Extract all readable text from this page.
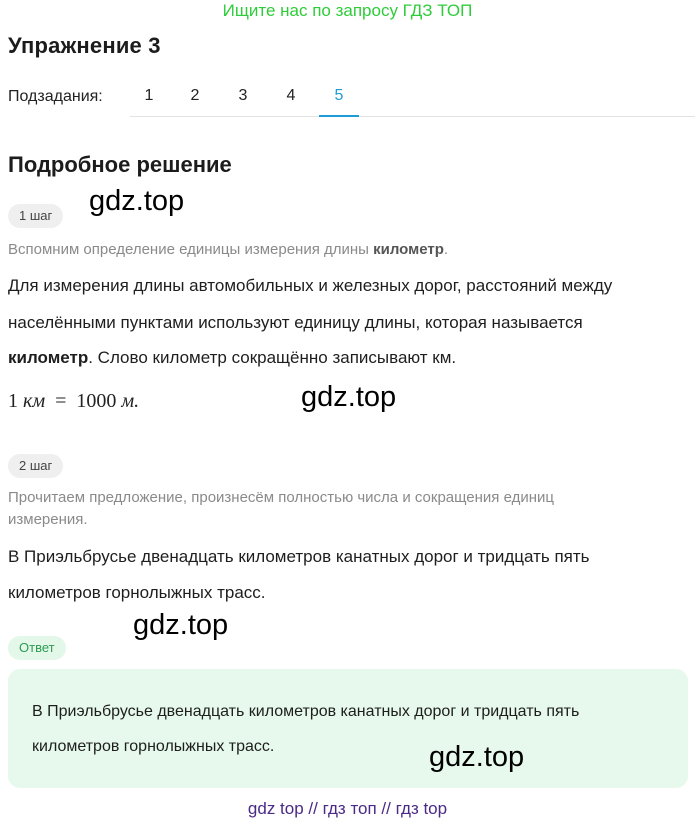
Ищите нас по запросу ГДЗ ТОП
Упражнение 3
Подзадания:	1	2	3	4	5
Подробное решение
1 шаг	gdz.top
Вспомним определение единицы измерения длины километр.
Для измерения длины автомобильных и железных дорог, расстояний между
населёнными пунктами используют единицу длины, которая называется
километр. Слово километр сокращённо записывают км.
1 км = 1000 м.	gdz.top
2 шаг
Прочитаем предложение, произнесём полностью числа и сокращения единиц
измерения.
В Приэльбрусье двенадцать километров канатных дорог и тридцать пять
километров горнолыжных трасс.
Ответ
gdz.top
В Приэльбрусье двенадцать километров канатных дорог и тридцать пять
километров горнолыжных трасс.	gdz.top
gdz top // гдз топ // гдз top
